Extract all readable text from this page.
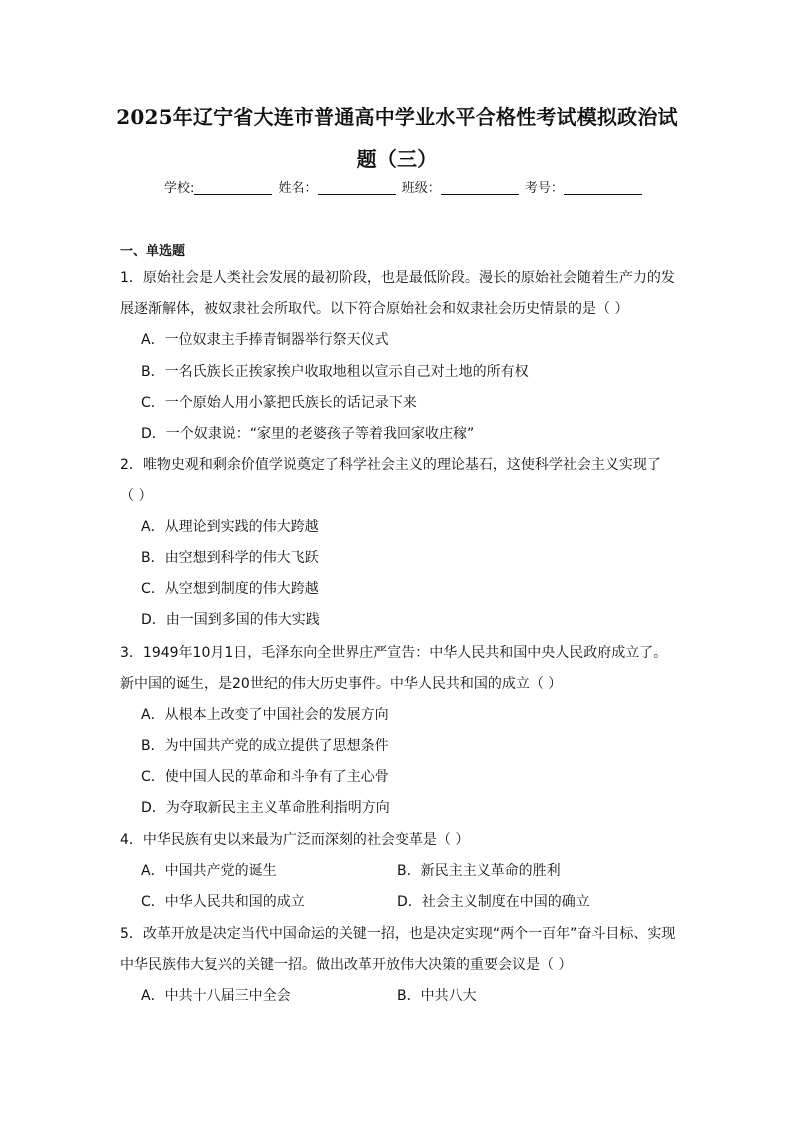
2025年辽宁省大连市普通高中学业水平合格性考试模拟政治试
题（三）
学校:	姓名：	班级：	考号：
一、单选题
1．原始社会是人类社会发展的最初阶段，也是最低阶段。漫长的原始社会随着生产力的发
展逐渐解体，被奴隶社会所取代。以下符合原始社会和奴隶社会历史情景的是（ ）
A．一位奴隶主手捧青铜器举行祭天仪式
B．一名氏族长正挨家挨户收取地租以宣示自己对土地的所有权
C．一个原始人用小篆把氏族长的话记录下来
D．一个奴隶说：“家里的老婆孩子等着我回家收庄稼”
2．唯物史观和剩余价值学说奠定了科学社会主义的理论基石，这使科学社会主义实现了
（ ）
A．从理论到实践的伟大跨越
B．由空想到科学的伟大飞跃
C．从空想到制度的伟大跨越
D．由一国到多国的伟大实践
3．1949年10月1日，毛泽东向全世界庄严宣告：中华人民共和国中央人民政府成立了。
新中国的诞生，是20世纪的伟大历史事件。中华人民共和国的成立（ ）
A．从根本上改变了中国社会的发展方向
B．为中国共产党的成立提供了思想条件
C．使中国人民的革命和斗争有了主心骨
D．为夺取新民主主义革命胜利指明方向
4．中华民族有史以来最为广泛而深刻的社会变革是（ ）
A．中国共产党的诞生	B．新民主主义革命的胜利
C．中华人民共和国的成立	D．社会主义制度在中国的确立
5．改革开放是决定当代中国命运的关键一招，也是决定实现“两个一百年”奋斗目标、实现
中华民族伟大复兴的关键一招。做出改革开放伟大决策的重要会议是（ ）
A．中共十八届三中全会	B．中共八大
